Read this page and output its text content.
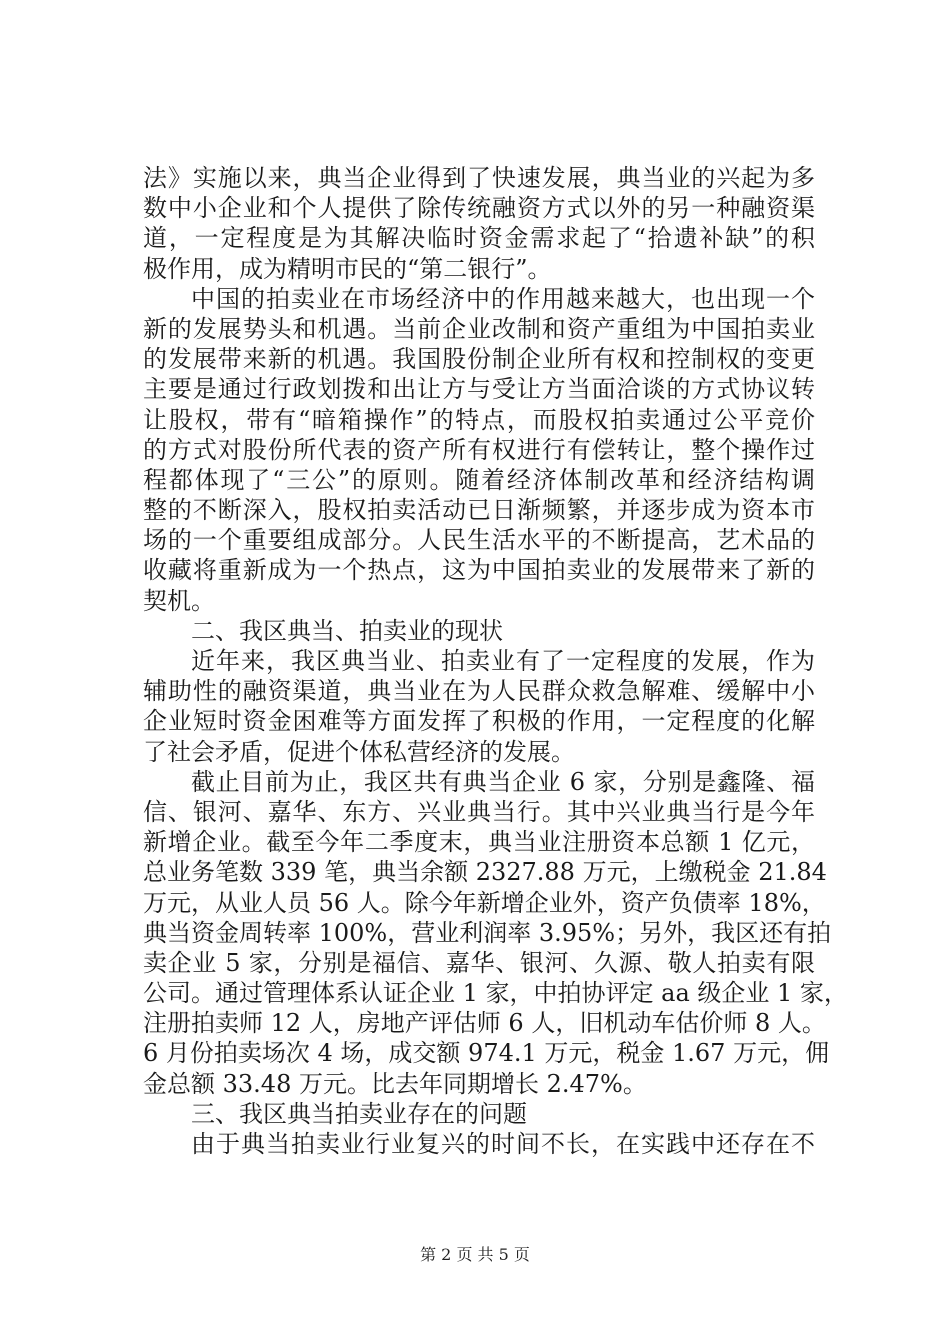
法》实施以来，典当企业得到了快速发展，典当业的兴起为多
数中小企业和个人提供了除传统融资方式以外的另一种融资渠
道，一定程度是为其解决临时资金需求起了“拾遗补缺”的积
极作用，成为精明市民的“第二银行”。
中国的拍卖业在市场经济中的作用越来越大，也出现一个
新的发展势头和机遇。当前企业改制和资产重组为中国拍卖业
的发展带来新的机遇。我国股份制企业所有权和控制权的变更
主要是通过行政划拨和出让方与受让方当面洽谈的方式协议转
让股权，带有“暗箱操作”的特点，而股权拍卖通过公平竞价
的方式对股份所代表的资产所有权进行有偿转让，整个操作过
程都体现了“三公”的原则。随着经济体制改革和经济结构调
整的不断深入，股权拍卖活动已日渐频繁，并逐步成为资本市
场的一个重要组成部分。人民生活水平的不断提高，艺术品的
收藏将重新成为一个热点，这为中国拍卖业的发展带来了新的
契机。
二、我区典当、拍卖业的现状
近年来，我区典当业、拍卖业有了一定程度的发展，作为
辅助性的融资渠道，典当业在为人民群众救急解难、缓解中小
企业短时资金困难等方面发挥了积极的作用，一定程度的化解
了社会矛盾，促进个体私营经济的发展。
截止目前为止，我区共有典当企业 6 家，分别是鑫隆、福
信、银河、嘉华、东方、兴业典当行。其中兴业典当行是今年
新增企业。截至今年二季度末，典当业注册资本总额 1 亿元，
总业务笔数 339 笔，典当余额 2327.88 万元，上缴税金 21.84
万元，从业人员 56 人。除今年新增企业外，资产负债率 18%，
典当资金周转率 100%，营业利润率 3.95%；另外，我区还有拍
卖企业 5 家，分别是福信、嘉华、银河、久源、敬人拍卖有限
公司。通过管理体系认证企业 1 家，中拍协评定 aa 级企业 1 家，
注册拍卖师 12 人，房地产评估师 6 人，旧机动车估价师 8 人。
6 月份拍卖场次 4 场，成交额 974.1 万元，税金 1.67 万元，佣
金总额 33.48 万元。比去年同期增长 2.47%。
三、我区典当拍卖业存在的问题
由于典当拍卖业行业复兴的时间不长，在实践中还存在不
第 2 页 共 5 页
